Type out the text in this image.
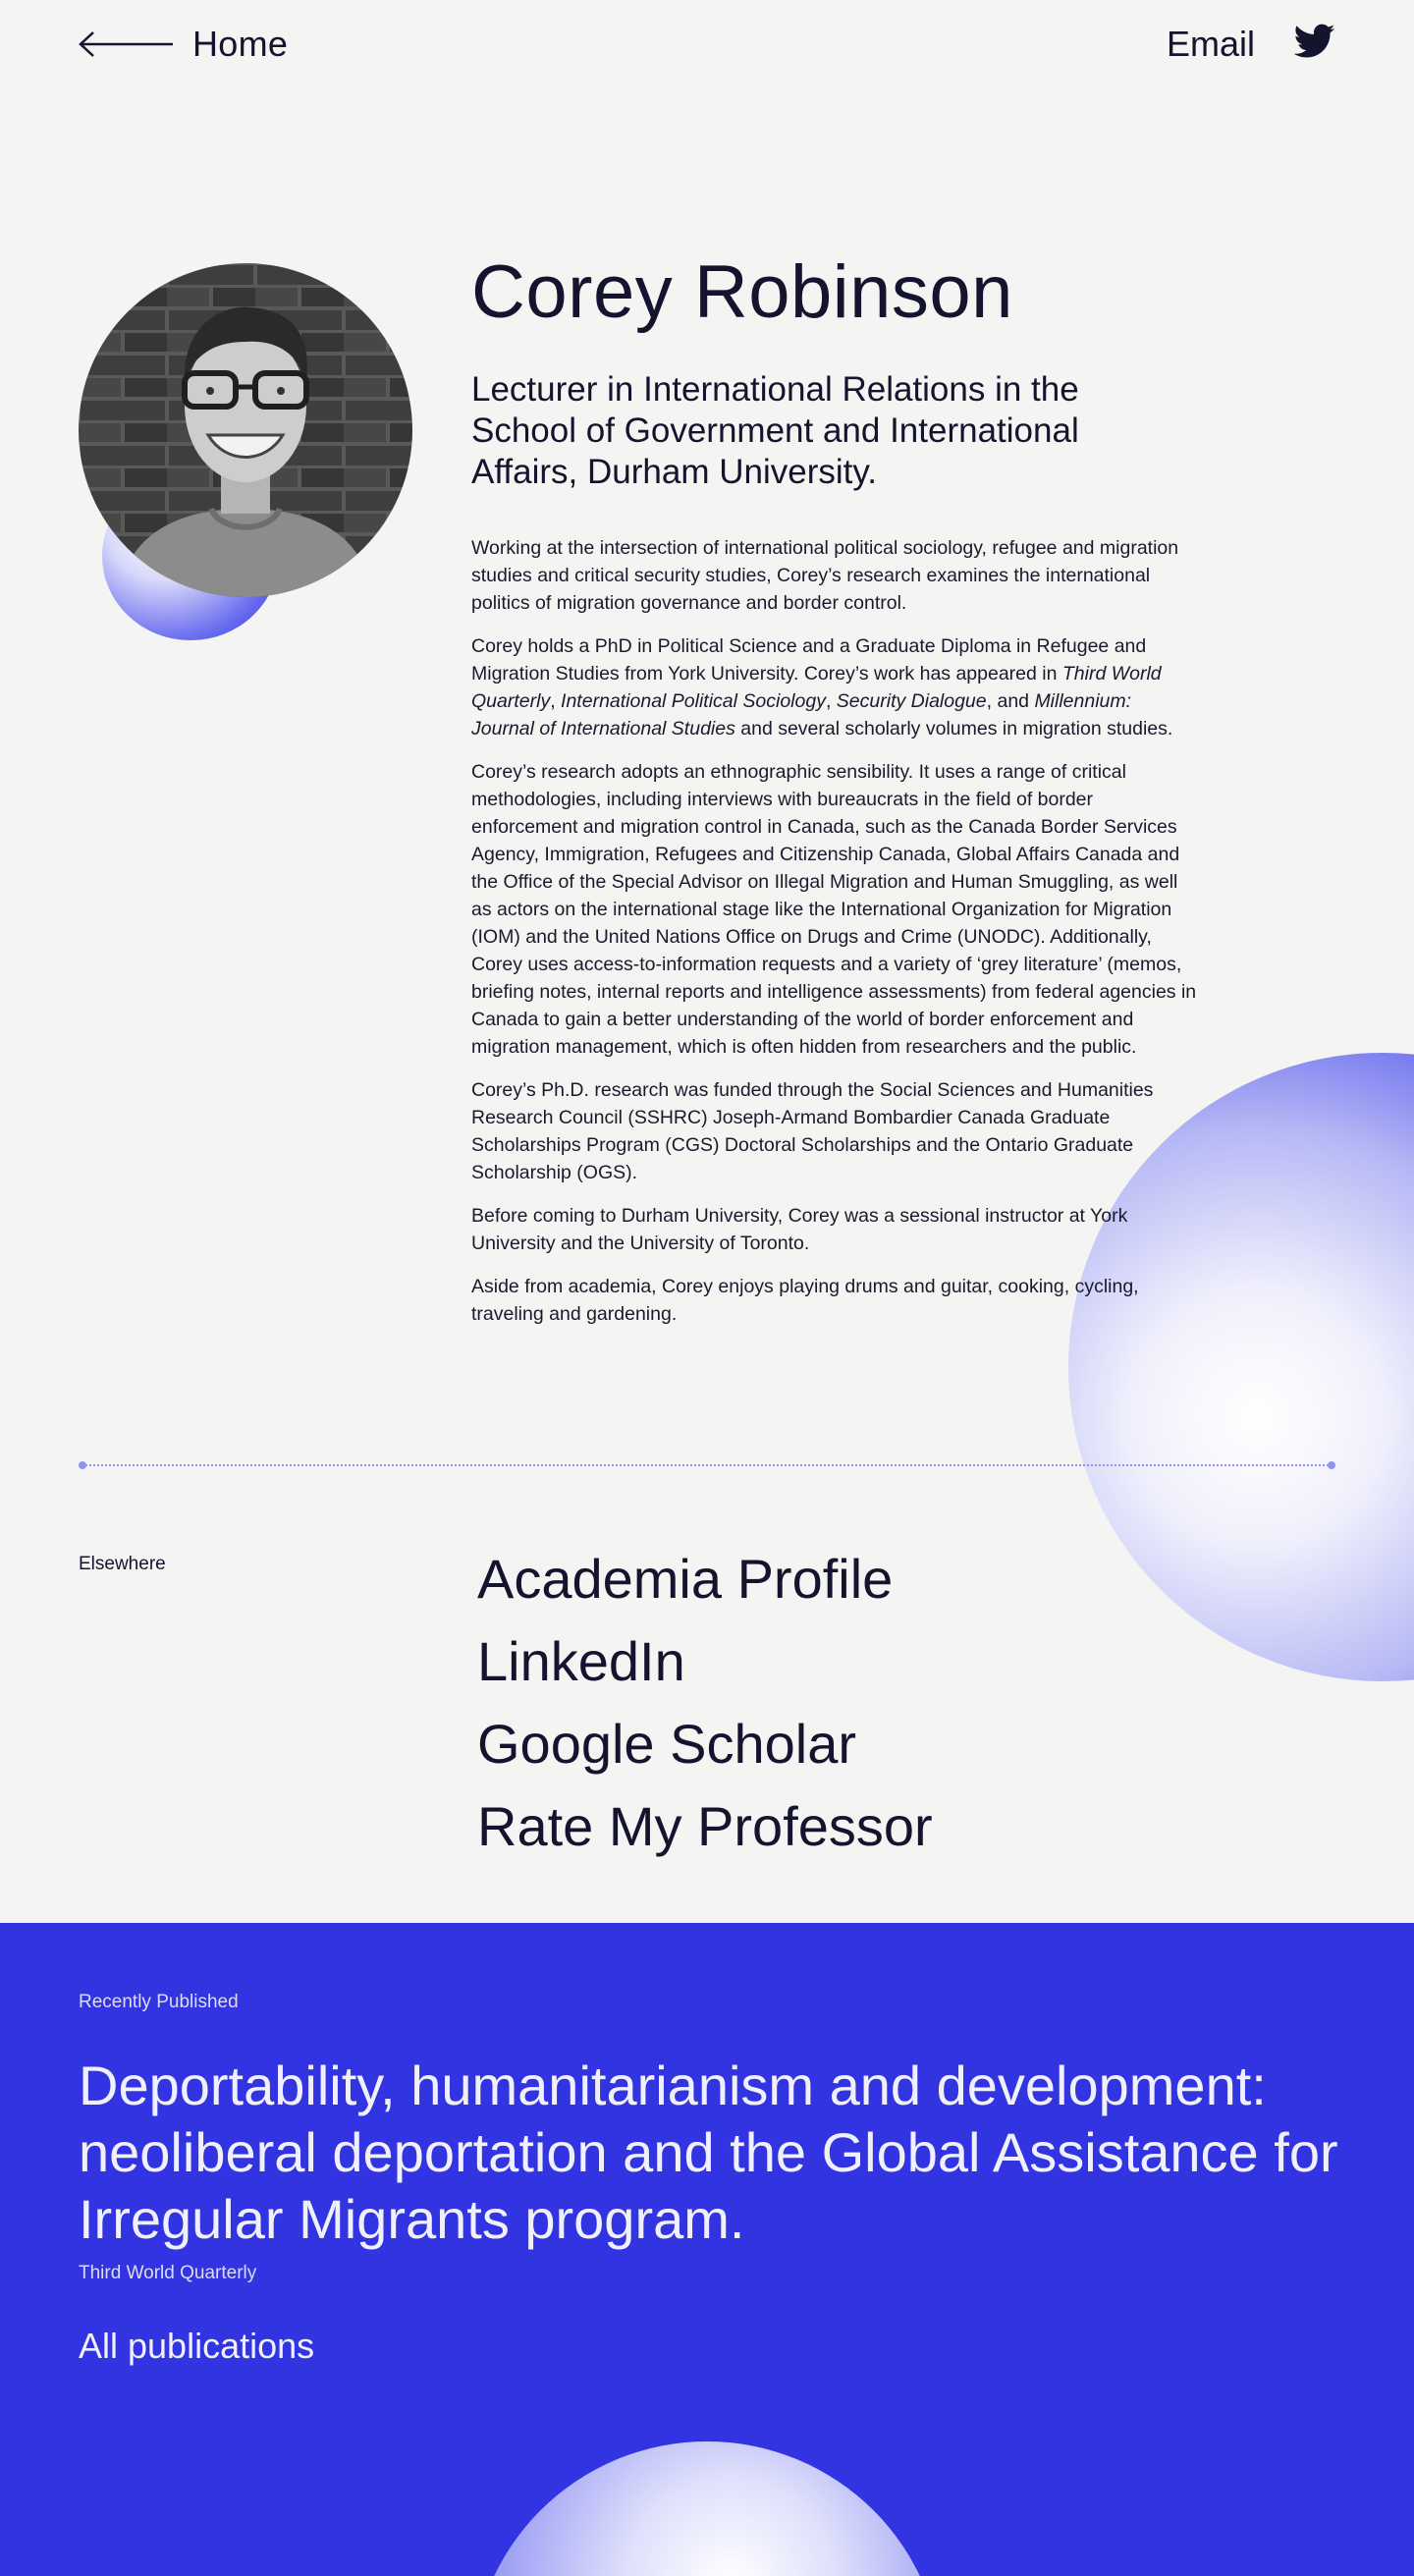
Home	Email
Corey Robinson
Lecturer in International Relations in the School of Government and International Affairs, Durham University.

Working at the intersection of international political sociology, refugee and migration studies and critical security studies, Corey’s research examines the international politics of migration governance and border control.

Corey holds a PhD in Political Science and a Graduate Diploma in Refugee and Migration Studies from York University. Corey’s work has appeared in Third World Quarterly, International Political Sociology, Security Dialogue, and Millennium: Journal of International Studies and several scholarly volumes in migration studies.

Corey’s research adopts an ethnographic sensibility. It uses a range of critical methodologies, including interviews with bureaucrats in the field of border enforcement and migration control in Canada, such as the Canada Border Services Agency, Immigration, Refugees and Citizenship Canada, Global Affairs Canada and the Office of the Special Advisor on Illegal Migration and Human Smuggling, as well as actors on the international stage like the International Organization for Migration (IOM) and the United Nations Office on Drugs and Crime (UNODC). Additionally, Corey uses access-to-information requests and a variety of ‘grey literature’ (memos, briefing notes, internal reports and intelligence assessments) from federal agencies in Canada to gain a better understanding of the world of border enforcement and migration management, which is often hidden from researchers and the public.

Corey’s Ph.D. research was funded through the Social Sciences and Humanities Research Council (SSHRC) Joseph-Armand Bombardier Canada Graduate Scholarships Program (CGS) Doctoral Scholarships and the Ontario Graduate Scholarship (OGS).

Before coming to Durham University, Corey was a sessional instructor at York University and the University of Toronto.

Aside from academia, Corey enjoys playing drums and guitar, cooking, cycling, traveling and gardening.

Elsewhere	Academia Profile
LinkedIn
Google Scholar
Rate My Professor
Recently Published
Deportability, humanitarianism and development: neoliberal deportation and the Global Assistance for Irregular Migrants program.
Third World Quarterly
All publications
